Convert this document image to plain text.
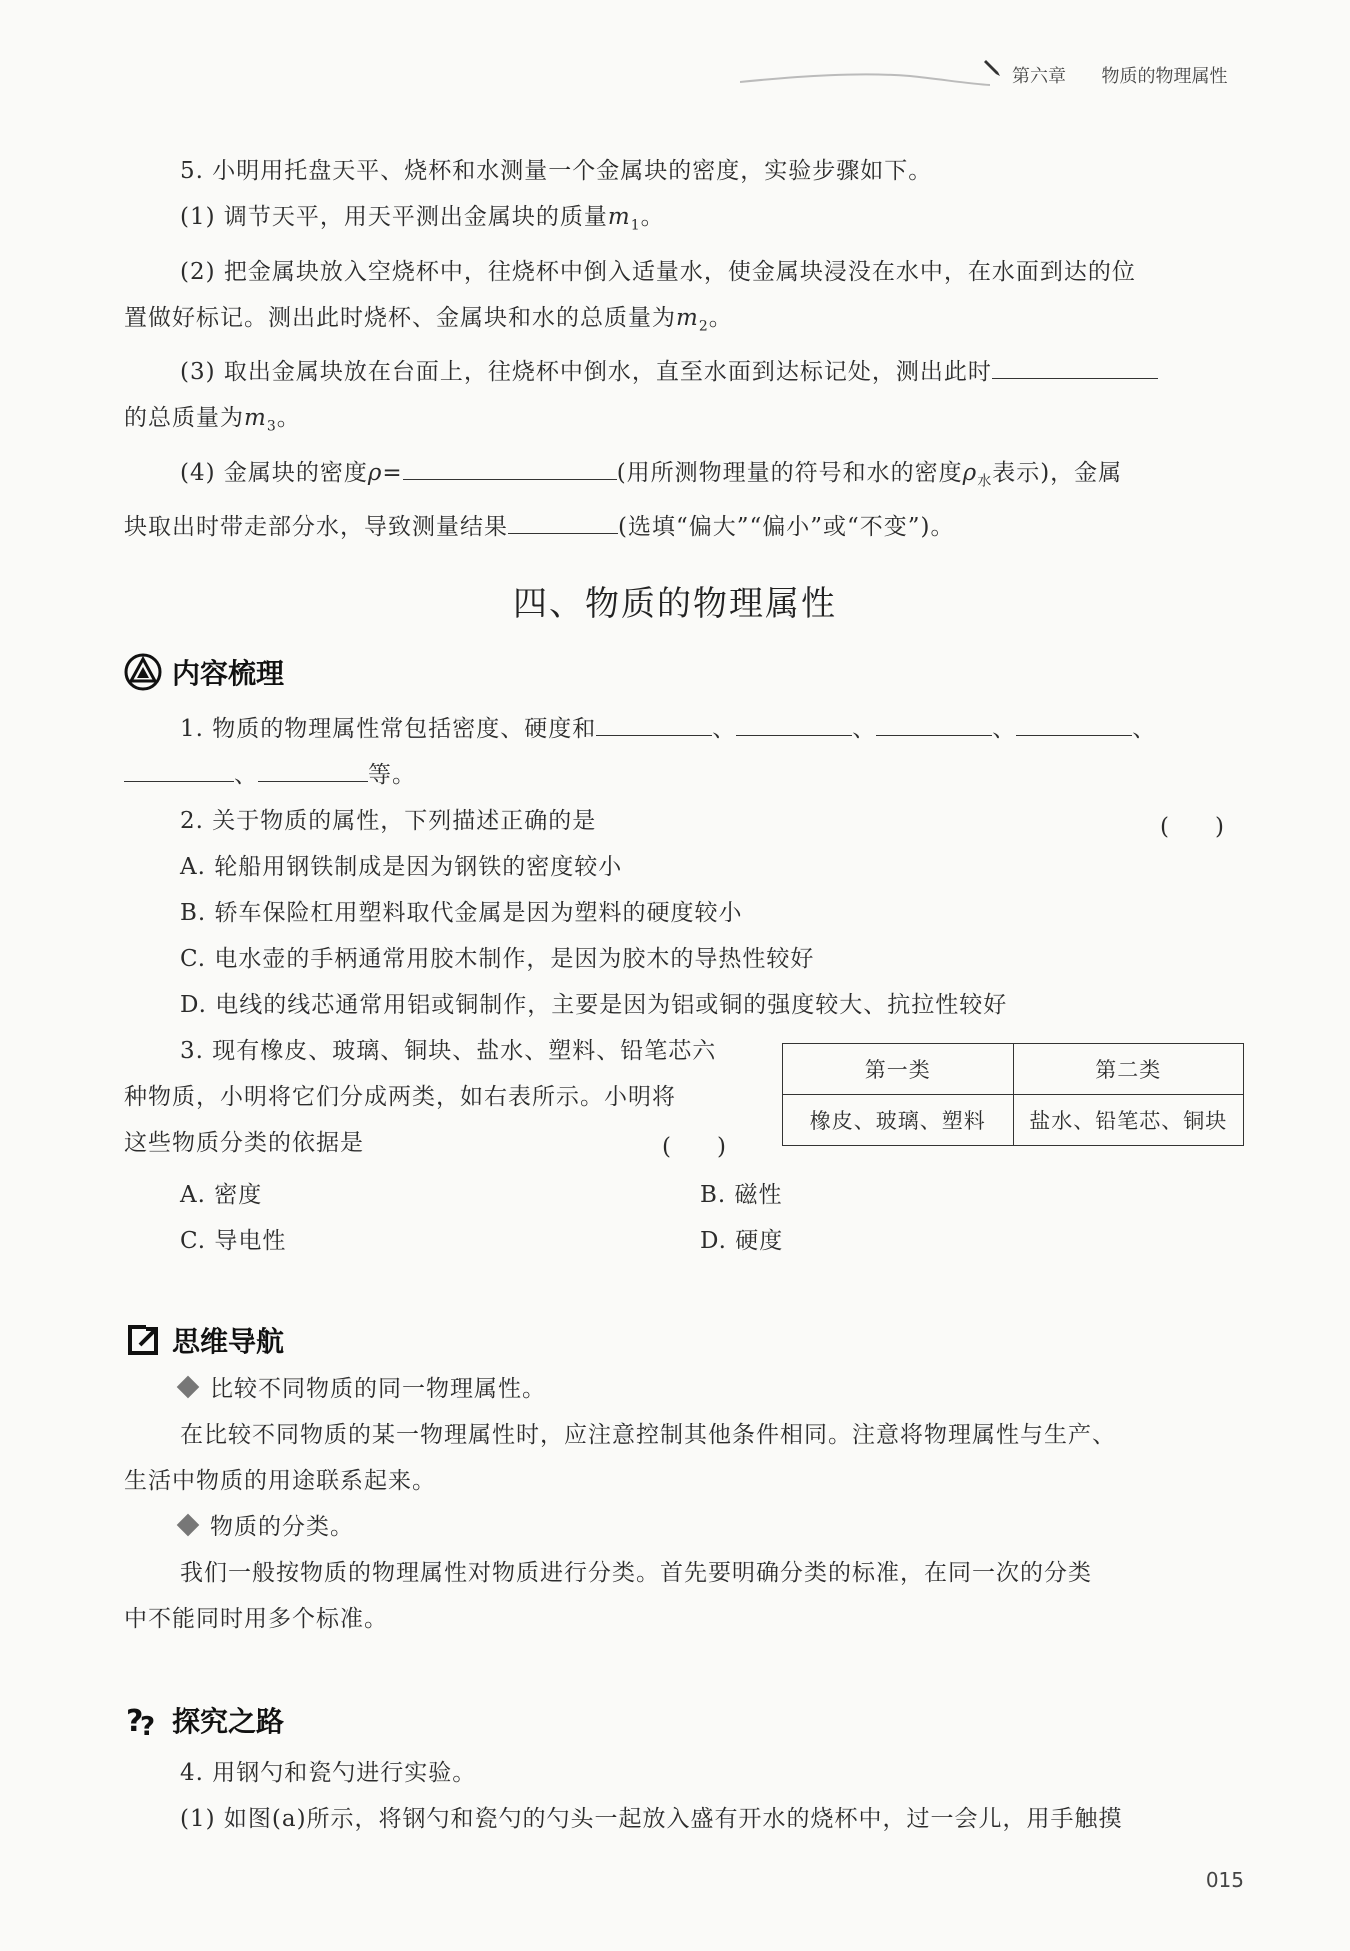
第六章 物质的物理属性

5. 小明用托盘天平、烧杯和水测量一个金属块的密度，实验步骤如下。

(1) 调节天平，用天平测出金属块的质量$m_1$。

(2) 把金属块放入空烧杯中，往烧杯中倒入适量水，使金属块浸没在水中，在水面到达的位

置做好标记。测出此时烧杯、金属块和水的总质量为$m_2$。

(3) 取出金属块放在台面上，往烧杯中倒水，直至水面到达标记处，测出此时

的总质量为$m_3$。

(4) 金属块的密度ρ=	(用所测物理量的符号和水的密度$\rho_水$表示)，金属

块取出时带走部分水，导致测量结果	(选填“偏大”“偏小”或“不变”)。

四、物质的物理属性
内容梳理

1. 物质的物理属性常包括密度、硬度和	、	、	、	、

、	等。

2. 关于物质的属性，下列描述正确的是

A. 轮船用钢铁制成是因为钢铁的密度较小

B. 轿车保险杠用塑料取代金属是因为塑料的硬度较小

C. 电水壶的手柄通常用胶木制作，是因为胶木的导热性较好

D. 电线的线芯通常用铝或铜制作，主要是因为铝或铜的强度较大、抗拉性较好

3. 现有橡皮、玻璃、铜块、盐水、塑料、铅笔芯六

种物质，小明将它们分成两类，如右表所示。小明将

这些物质分类的依据是

A. 密度	B. 磁性
C. 导电性	D. 硬度
(　　)
(　　)
第一类	第二类
橡皮、玻璃、塑料	盐水、铅笔芯、铜块
思维导航

比较不同物质的同一物理属性。

在比较不同物质的某一物理属性时，应注意控制其他条件相同。注意将物理属性与生产、

生活中物质的用途联系起来。

物质的分类。

我们一般按物质的物理属性对物质进行分类。首先要明确分类的标准，在同一次的分类

中不能同时用多个标准。

?
? 探究之路

4. 用钢勺和瓷勺进行实验。

(1) 如图(a)所示，将钢勺和瓷勺的勺头一起放入盛有开水的烧杯中，过一会儿，用手触摸

015
